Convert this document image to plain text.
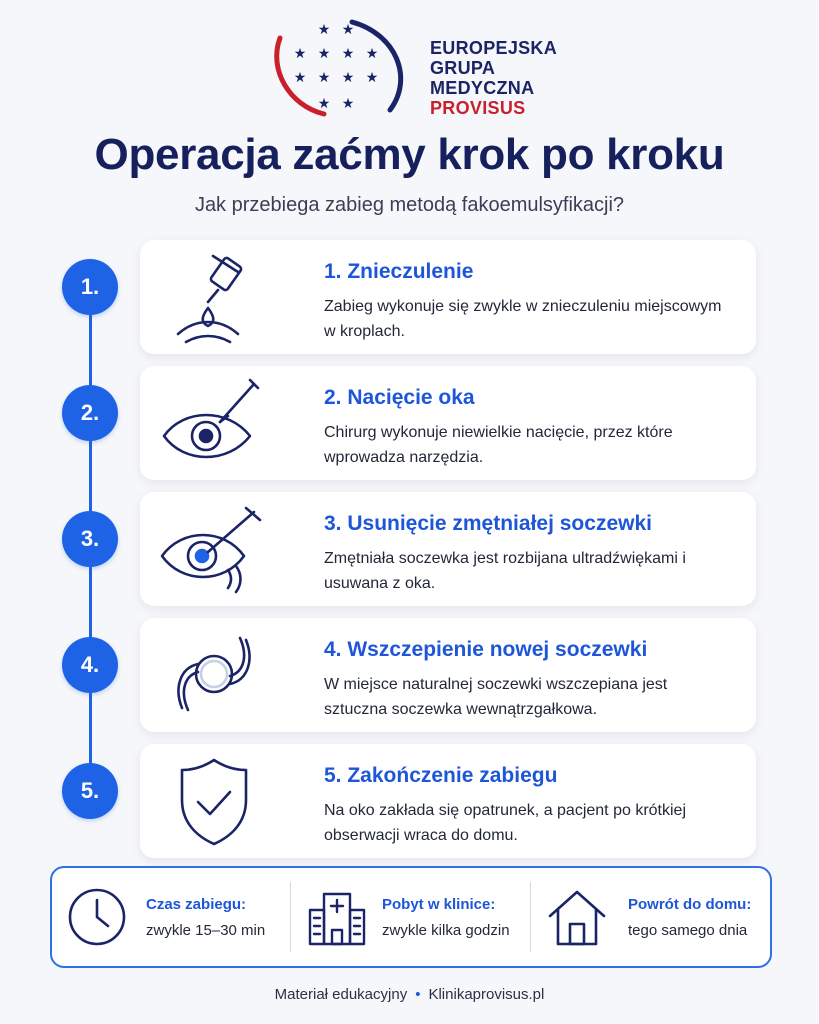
★ ★
★ ★ ★ ★
★ ★ ★ ★
★ ★
EUROPEJSKA
GRUPA
MEDYCZNA
PROVISUS
Operacja zaćmy krok po kroku
Jak przebiega zabieg metodą fakoemulsyfikacji?
1.
1. Znieczulenie
Zabieg wykonuje się zwykle w znieczuleniu miejscowym w kroplach.
2.
2. Nacięcie oka
Chirurg wykonuje niewielkie nacięcie, przez które wprowadza narzędzia.
3.
3. Usunięcie zmętniałej soczewki
Zmętniała soczewka jest rozbijana ultradźwiękami i usuwana z oka.
4.
4. Wszczepienie nowej soczewki
W miejsce naturalnej soczewki wszczepiana jest sztuczna soczewka wewnątrzgałkowa.
5.
5. Zakończenie zabiegu
Na oko zakłada się opatrunek, a pacjent po krótkiej obserwacji wraca do domu.
Czas zabiegu:
zwykle 15–30 min
Pobyt w klinice:
zwykle kilka godzin
Powrót do domu:
tego samego dnia
Materiał edukacyjny • Klinikaprovisus.pl
